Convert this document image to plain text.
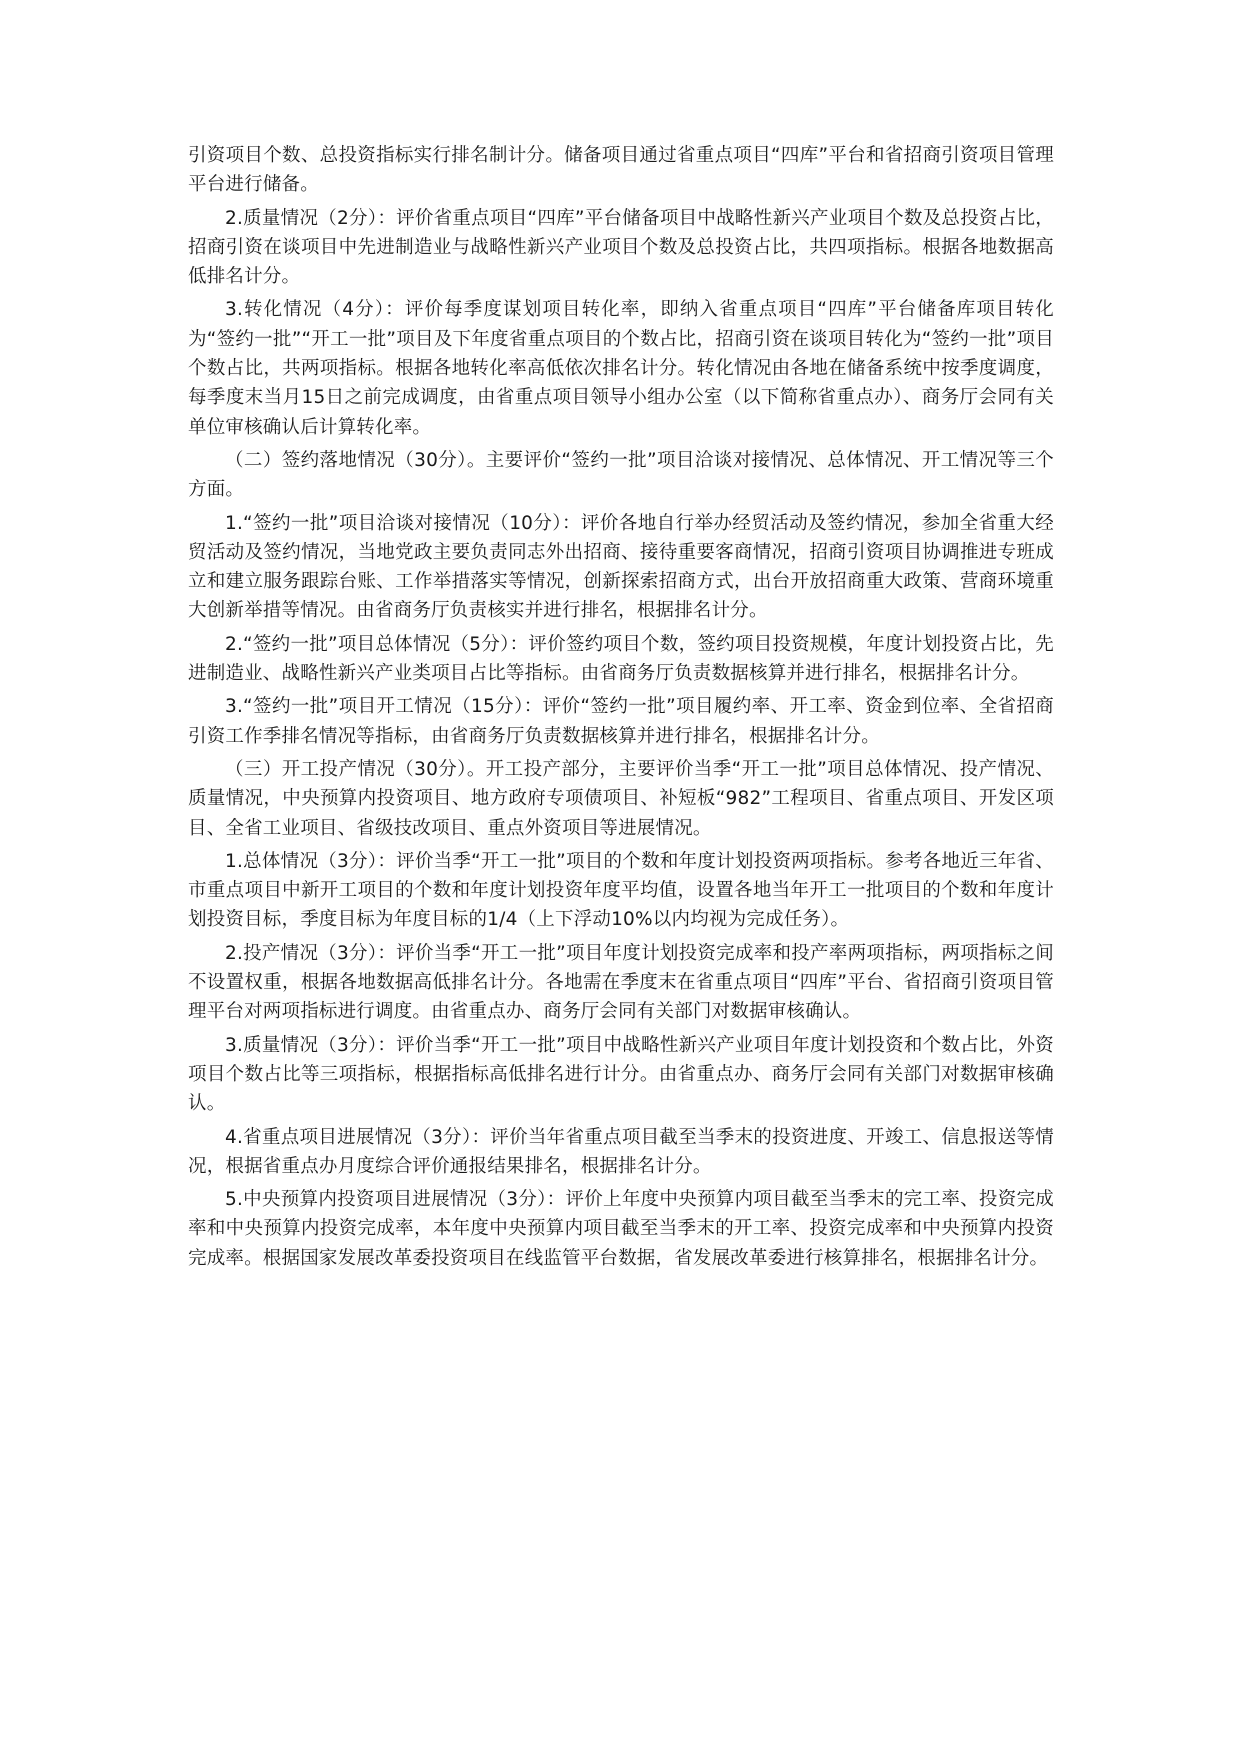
引资项目个数、总投资指标实行排名制计分。储备项目通过省重点项目“四库”平台和省招商引资项目管理平台进行储备。

2.质量情况（2分）：评价省重点项目“四库”平台储备项目中战略性新兴产业项目个数及总投资占比，招商引资在谈项目中先进制造业与战略性新兴产业项目个数及总投资占比，共四项指标。根据各地数据高低排名计分。

3.转化情况（4分）：评价每季度谋划项目转化率，即纳入省重点项目“四库”平台储备库项目转化为“签约一批”“开工一批”项目及下年度省重点项目的个数占比，招商引资在谈项目转化为“签约一批”项目个数占比，共两项指标。根据各地转化率高低依次排名计分。转化情况由各地在储备系统中按季度调度，每季度末当月15日之前完成调度，由省重点项目领导小组办公室（以下简称省重点办）、商务厅会同有关单位审核确认后计算转化率。

（二）签约落地情况（30分）。主要评价“签约一批”项目洽谈对接情况、总体情况、开工情况等三个方面。

1.“签约一批”项目洽谈对接情况（10分）：评价各地自行举办经贸活动及签约情况，参加全省重大经贸活动及签约情况，当地党政主要负责同志外出招商、接待重要客商情况，招商引资项目协调推进专班成立和建立服务跟踪台账、工作举措落实等情况，创新探索招商方式，出台开放招商重大政策、营商环境重大创新举措等情况。由省商务厅负责核实并进行排名，根据排名计分。

2.“签约一批”项目总体情况（5分）：评价签约项目个数，签约项目投资规模，年度计划投资占比，先进制造业、战略性新兴产业类项目占比等指标。由省商务厅负责数据核算并进行排名，根据排名计分。

3.“签约一批”项目开工情况（15分）：评价“签约一批”项目履约率、开工率、资金到位率、全省招商引资工作季排名情况等指标，由省商务厅负责数据核算并进行排名，根据排名计分。

（三）开工投产情况（30分）。开工投产部分，主要评价当季“开工一批”项目总体情况、投产情况、质量情况，中央预算内投资项目、地方政府专项债项目、补短板“982”工程项目、省重点项目、开发区项目、全省工业项目、省级技改项目、重点外资项目等进展情况。

1.总体情况（3分）：评价当季“开工一批”项目的个数和年度计划投资两项指标。参考各地近三年省、市重点项目中新开工项目的个数和年度计划投资年度平均值，设置各地当年开工一批项目的个数和年度计划投资目标，季度目标为年度目标的1/4（上下浮动10%以内均视为完成任务）。

2.投产情况（3分）：评价当季“开工一批”项目年度计划投资完成率和投产率两项指标，两项指标之间不设置权重，根据各地数据高低排名计分。各地需在季度末在省重点项目“四库”平台、省招商引资项目管理平台对两项指标进行调度。由省重点办、商务厅会同有关部门对数据审核确认。

3.质量情况（3分）：评价当季“开工一批”项目中战略性新兴产业项目年度计划投资和个数占比，外资项目个数占比等三项指标，根据指标高低排名进行计分。由省重点办、商务厅会同有关部门对数据审核确认。

4.省重点项目进展情况（3分）：评价当年省重点项目截至当季末的投资进度、开竣工、信息报送等情况，根据省重点办月度综合评价通报结果排名，根据排名计分。

5.中央预算内投资项目进展情况（3分）：评价上年度中央预算内项目截至当季末的完工率、投资完成率和中央预算内投资完成率，本年度中央预算内项目截至当季末的开工率、投资完成率和中央预算内投资完成率。根据国家发展改革委投资项目在线监管平台数据，省发展改革委进行核算排名，根据排名计分。
